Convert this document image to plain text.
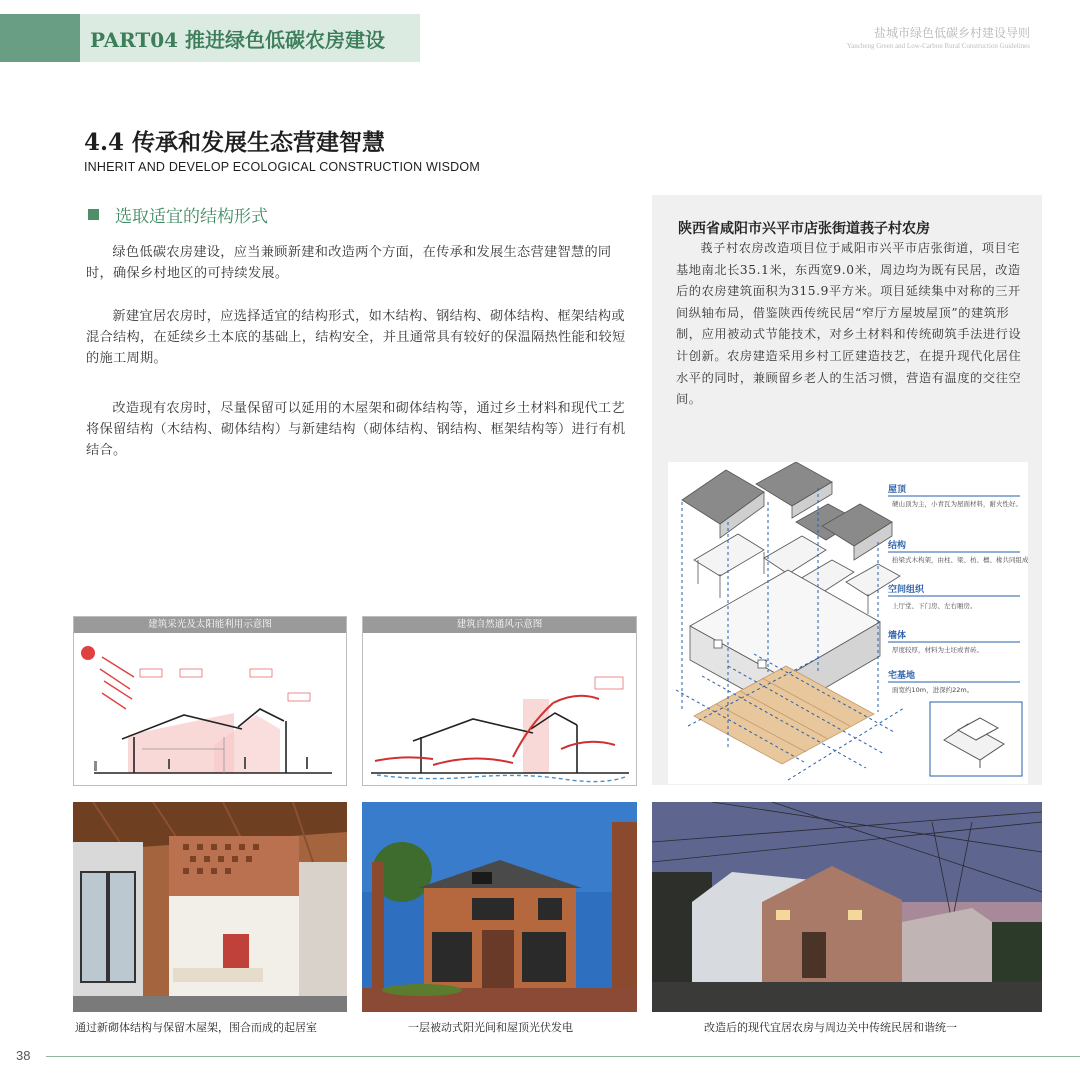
PART04 推进绿色低碳农房建设	盐城市绿色低碳乡村建设导则
Yancheng Green and Low-Carbon Rural Construction Guidelines
4.4 传承和发展生态营建智慧
INHERIT AND DEVELOP ECOLOGICAL CONSTRUCTION WISDOM
选取适宜的结构形式
绿色低碳农房建设，应当兼顾新建和改造两个方面，在传承和发展生态营建智慧的同时，确保乡村地区的可持续发展。
新建宜居农房时，应选择适宜的结构形式，如木结构、钢结构、砌体结构、框架结构或混合结构，在延续乡土本底的基础上，结构安全，并且通常具有较好的保温隔热性能和较短的施工周期。
改造现有农房时，尽量保留可以延用的木屋架和砌体结构等，通过乡土材料和现代工艺将保留结构（木结构、砌体结构）与新建结构（砌体结构、钢结构、框架结构等）进行有机结合。
陕西省咸阳市兴平市店张街道莪子村农房
莪子村农房改造项目位于咸阳市兴平市店张街道，项目宅基地南北长35.1米，东西宽9.0米，周边均为既有民居，改造后的农房建筑面积为315.9平方米。项目延续集中对称的三开间纵轴布局，借鉴陕西传统民居“窄厅方屋坡屋顶”的建筑形制，应用被动式节能技术，对乡土材料和传统砌筑手法进行设计创新。农房建造采用乡村工匠建造技艺，在提升现代化居住水平的同时，兼顾留乡老人的生活习惯，营造有温度的交往空间。
屋顶
硬山顶为主，小青瓦为屋面材料，耐火性好。
结构
抬梁式木构架，由柱、梁、枋、檩、椽共同组成。
空间组织
上厅堂、下门房、左右厢房。
墙体
厚度较厚，材料为土坯或青砖。
宅基地
面宽约10m，进深约22m。
建筑采光及太阳能利用示意图	建筑自然通风示意图
通过新砌体结构与保留木屋架，围合而成的起居室	一层被动式阳光间和屋顶光伏发电	改造后的现代宜居农房与周边关中传统民居和谐统一
38
